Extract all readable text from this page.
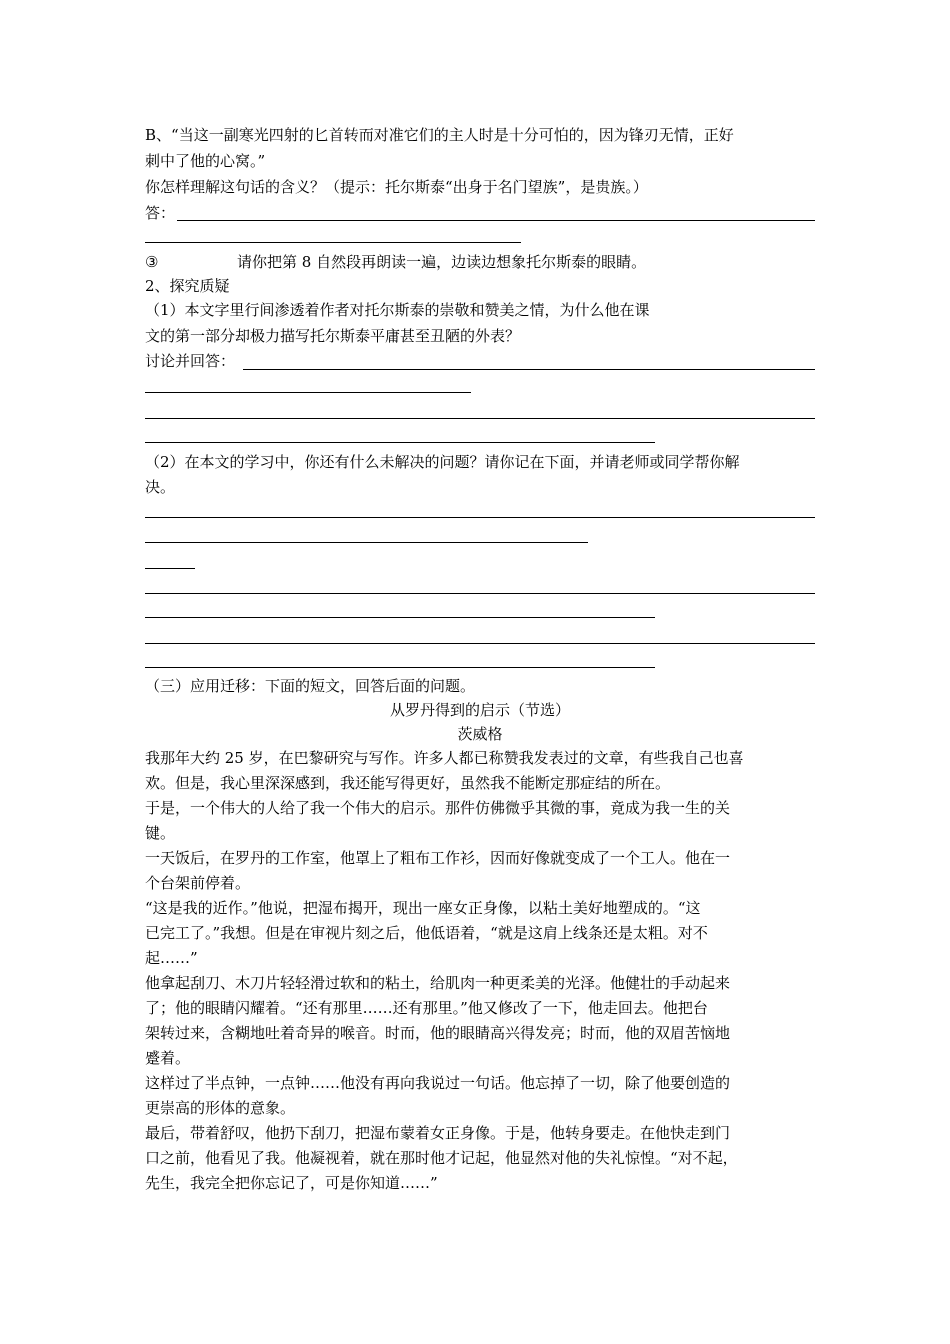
B、“当这一副寒光四射的匕首转而对准它们的主人时是十分可怕的，因为锋刃无情，正好
刺中了他的心窝。”
你怎样理解这句话的含义？（提示：托尔斯泰“出身于名门望族”，是贵族。）
答：
③	请你把第 8 自然段再朗读一遍，边读边想象托尔斯泰的眼睛。
2、探究质疑
（1）本文字里行间渗透着作者对托尔斯泰的崇敬和赞美之情，为什么他在课
文的第一部分却极力描写托尔斯泰平庸甚至丑陋的外表？
讨论并回答：
（2）在本文的学习中，你还有什么未解决的问题？请你记在下面，并请老师或同学帮你解
决。
（三）应用迁移：下面的短文，回答后面的问题。
从罗丹得到的启示（节选）
茨威格
我那年大约 25 岁，在巴黎研究与写作。许多人都已称赞我发表过的文章，有些我自己也喜
欢。但是，我心里深深感到，我还能写得更好，虽然我不能断定那症结的所在。
于是，一个伟大的人给了我一个伟大的启示。那件仿佛微乎其微的事，竟成为我一生的关
键。
一天饭后，在罗丹的工作室，他罩上了粗布工作衫，因而好像就变成了一个工人。他在一
个台架前停着。
“这是我的近作。”他说，把湿布揭开，现出一座女正身像，以粘土美好地塑成的。“这
已完工了。”我想。但是在审视片刻之后，他低语着，“就是这肩上线条还是太粗。对不
起……”
他拿起刮刀、木刀片轻轻滑过软和的粘土，给肌肉一种更柔美的光泽。他健壮的手动起来
了；他的眼睛闪耀着。“还有那里……还有那里。”他又修改了一下，他走回去。他把台
架转过来，含糊地吐着奇异的喉音。时而，他的眼睛高兴得发亮；时而，他的双眉苦恼地
蹙着。
这样过了半点钟，一点钟……他没有再向我说过一句话。他忘掉了一切，除了他要创造的
更崇高的形体的意象。
最后，带着舒叹，他扔下刮刀，把湿布蒙着女正身像。于是，他转身要走。在他快走到门
口之前，他看见了我。他凝视着，就在那时他才记起，他显然对他的失礼惊惶。“对不起，
先生，我完全把你忘记了，可是你知道……”
